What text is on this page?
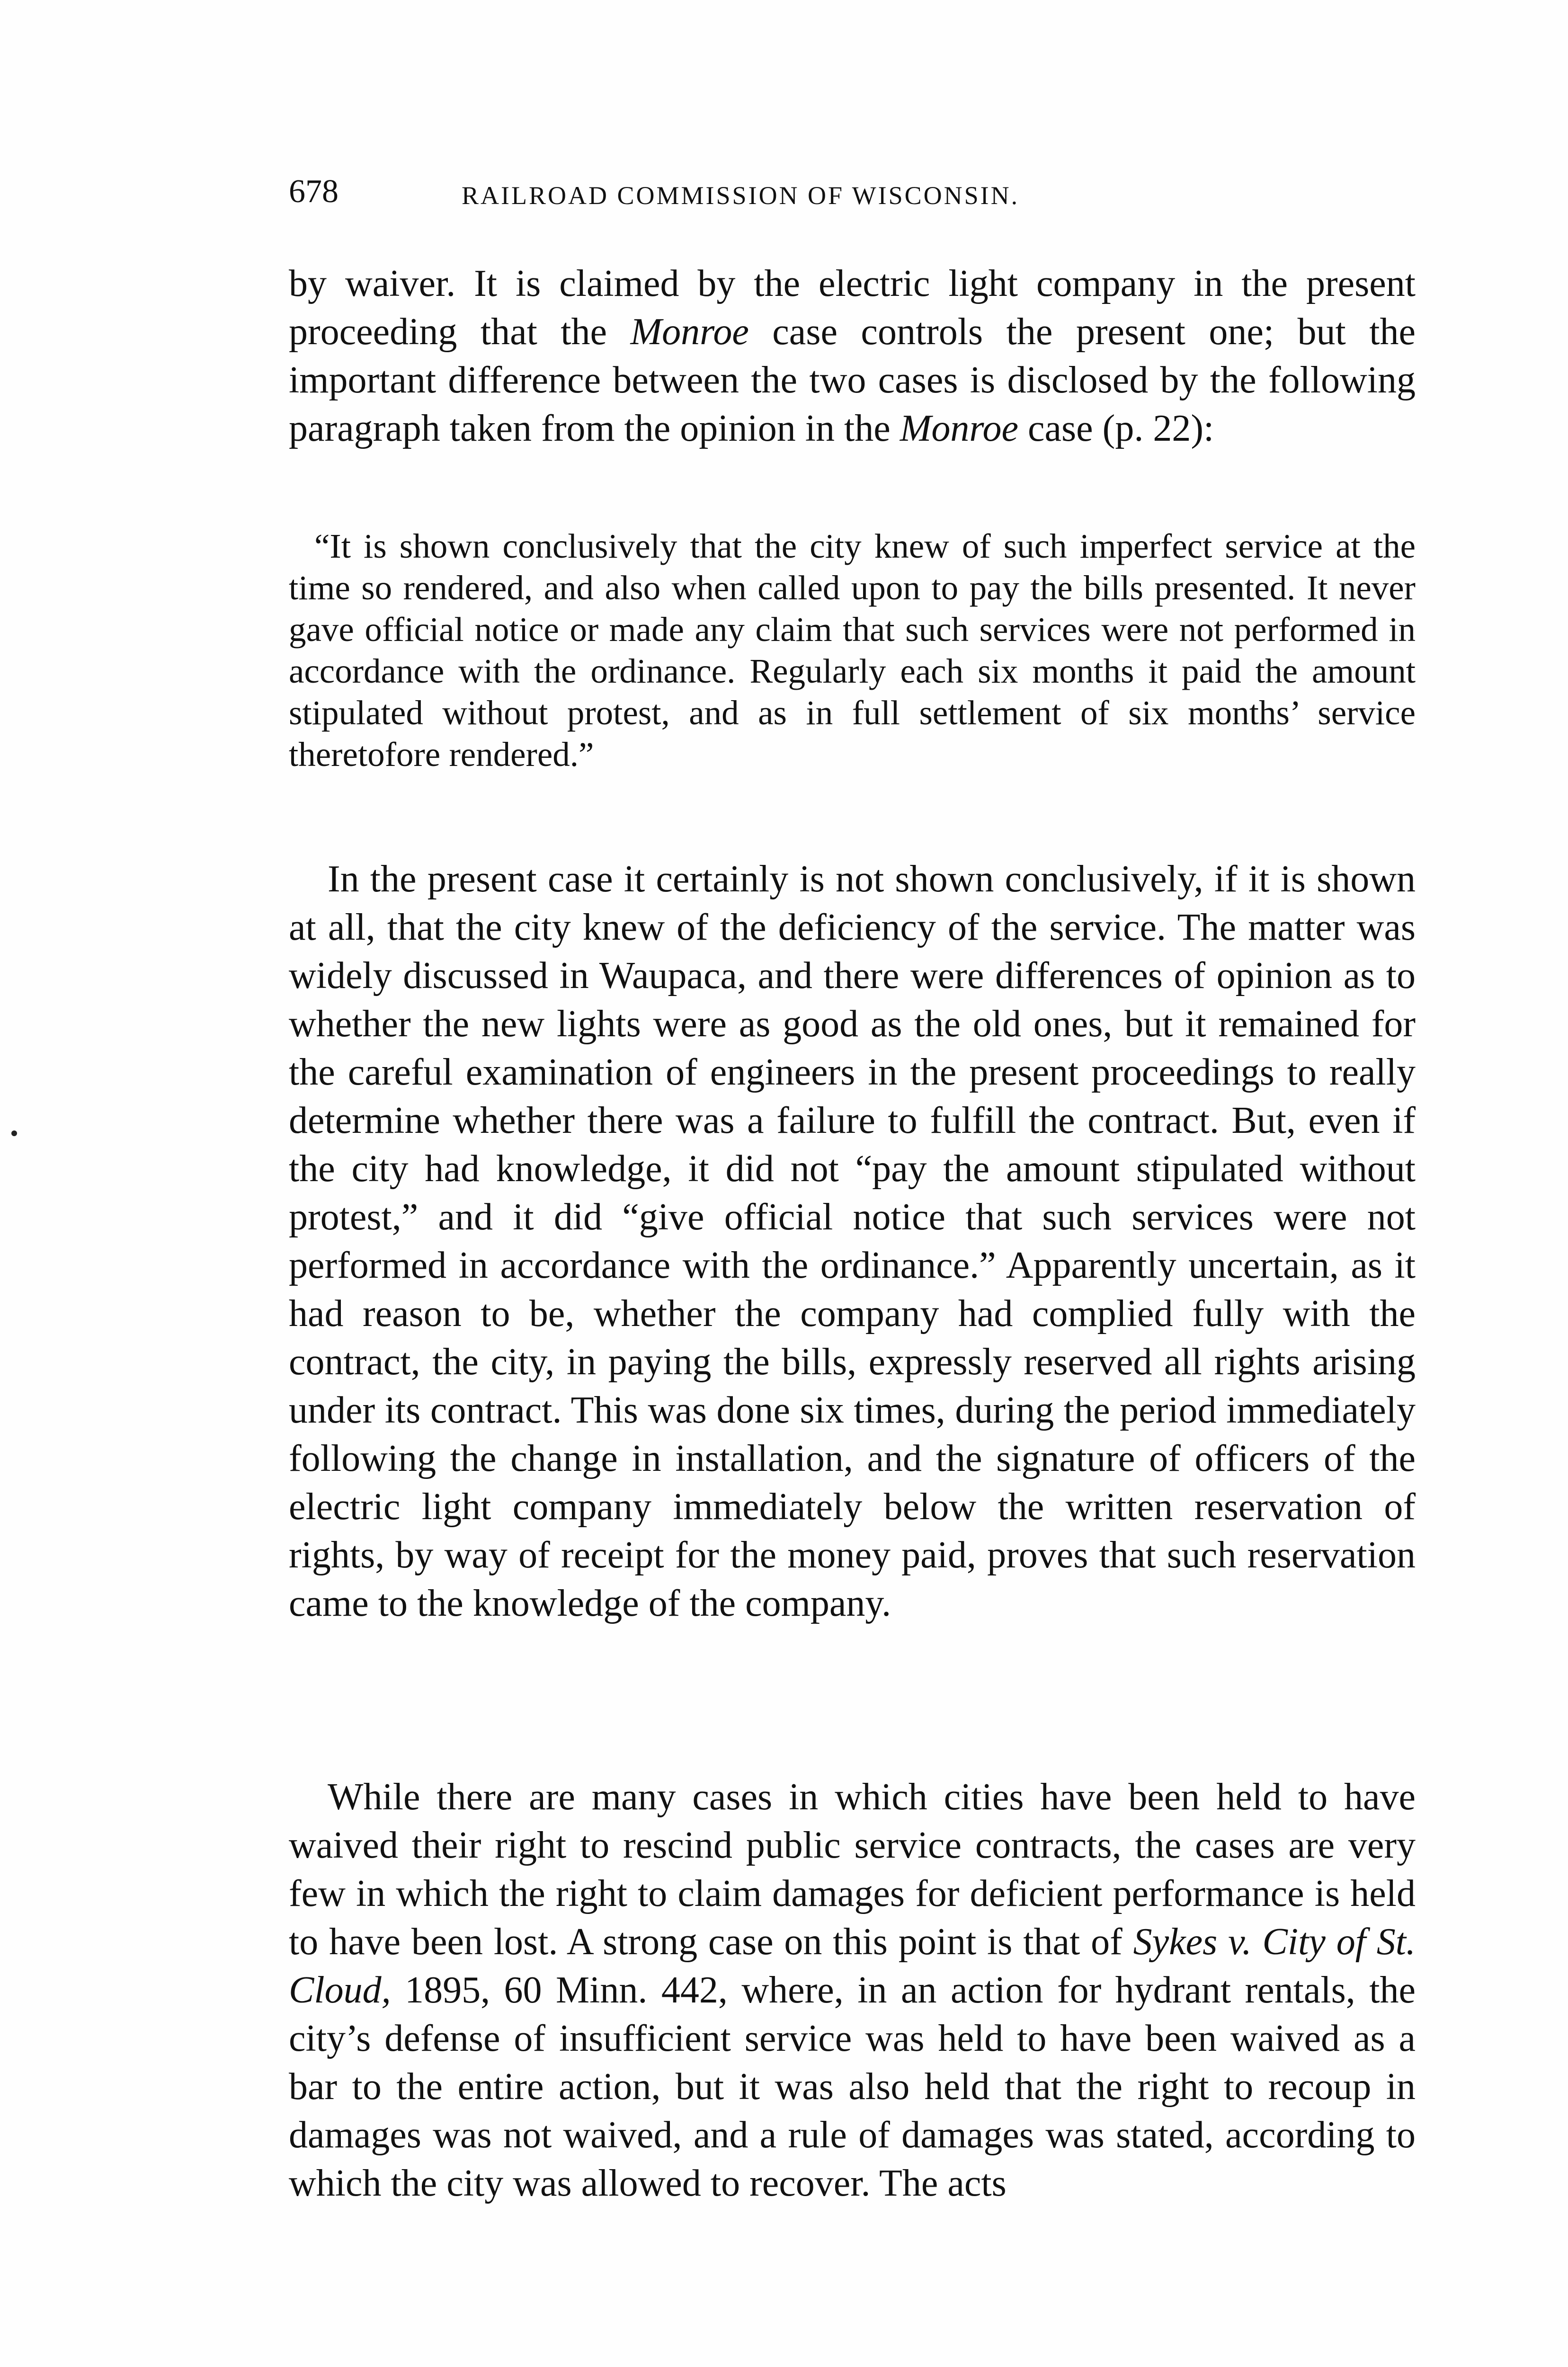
678	RAILROAD COMMISSION OF WISCONSIN.

by waiver. It is claimed by the electric light company in the present proceeding that the Monroe case controls the present one; but the important difference between the two cases is disclosed by the following paragraph taken from the opinion in the Monroe case (p. 22):

“It is shown conclusively that the city knew of such imperfect service at the time so rendered, and also when called upon to pay the bills presented. It never gave official notice or made any claim that such services were not performed in accordance with the ordinance. Regularly each six months it paid the amount stipulated without protest, and as in full settlement of six months’ service theretofore rendered.”

In the present case it certainly is not shown conclusively, if it is shown at all, that the city knew of the deficiency of the service. The matter was widely discussed in Waupaca, and there were differences of opinion as to whether the new lights were as good as the old ones, but it remained for the careful examination of engineers in the present proceedings to really determine whether there was a failure to fulfill the contract. But, even if the city had knowledge, it did not “pay the amount stipulated without protest,” and it did “give official notice that such services were not performed in accordance with the ordinance.” Apparently uncertain, as it had reason to be, whether the company had complied fully with the contract, the city, in paying the bills, expressly reserved all rights arising under its contract. This was done six times, during the period immediately following the change in installation, and the signature of officers of the electric light company immediately below the written reservation of rights, by way of receipt for the money paid, proves that such reservation came to the knowledge of the company.

While there are many cases in which cities have been held to have waived their right to rescind public service contracts, the cases are very few in which the right to claim damages for deficient performance is held to have been lost. A strong case on this point is that of Sykes v. City of St. Cloud, 1895, 60 Minn. 442, where, in an action for hydrant rentals, the city’s defense of insufficient service was held to have been waived as a bar to the entire action, but it was also held that the right to recoup in damages was not waived, and a rule of damages was stated, according to which the city was allowed to recover. The acts
